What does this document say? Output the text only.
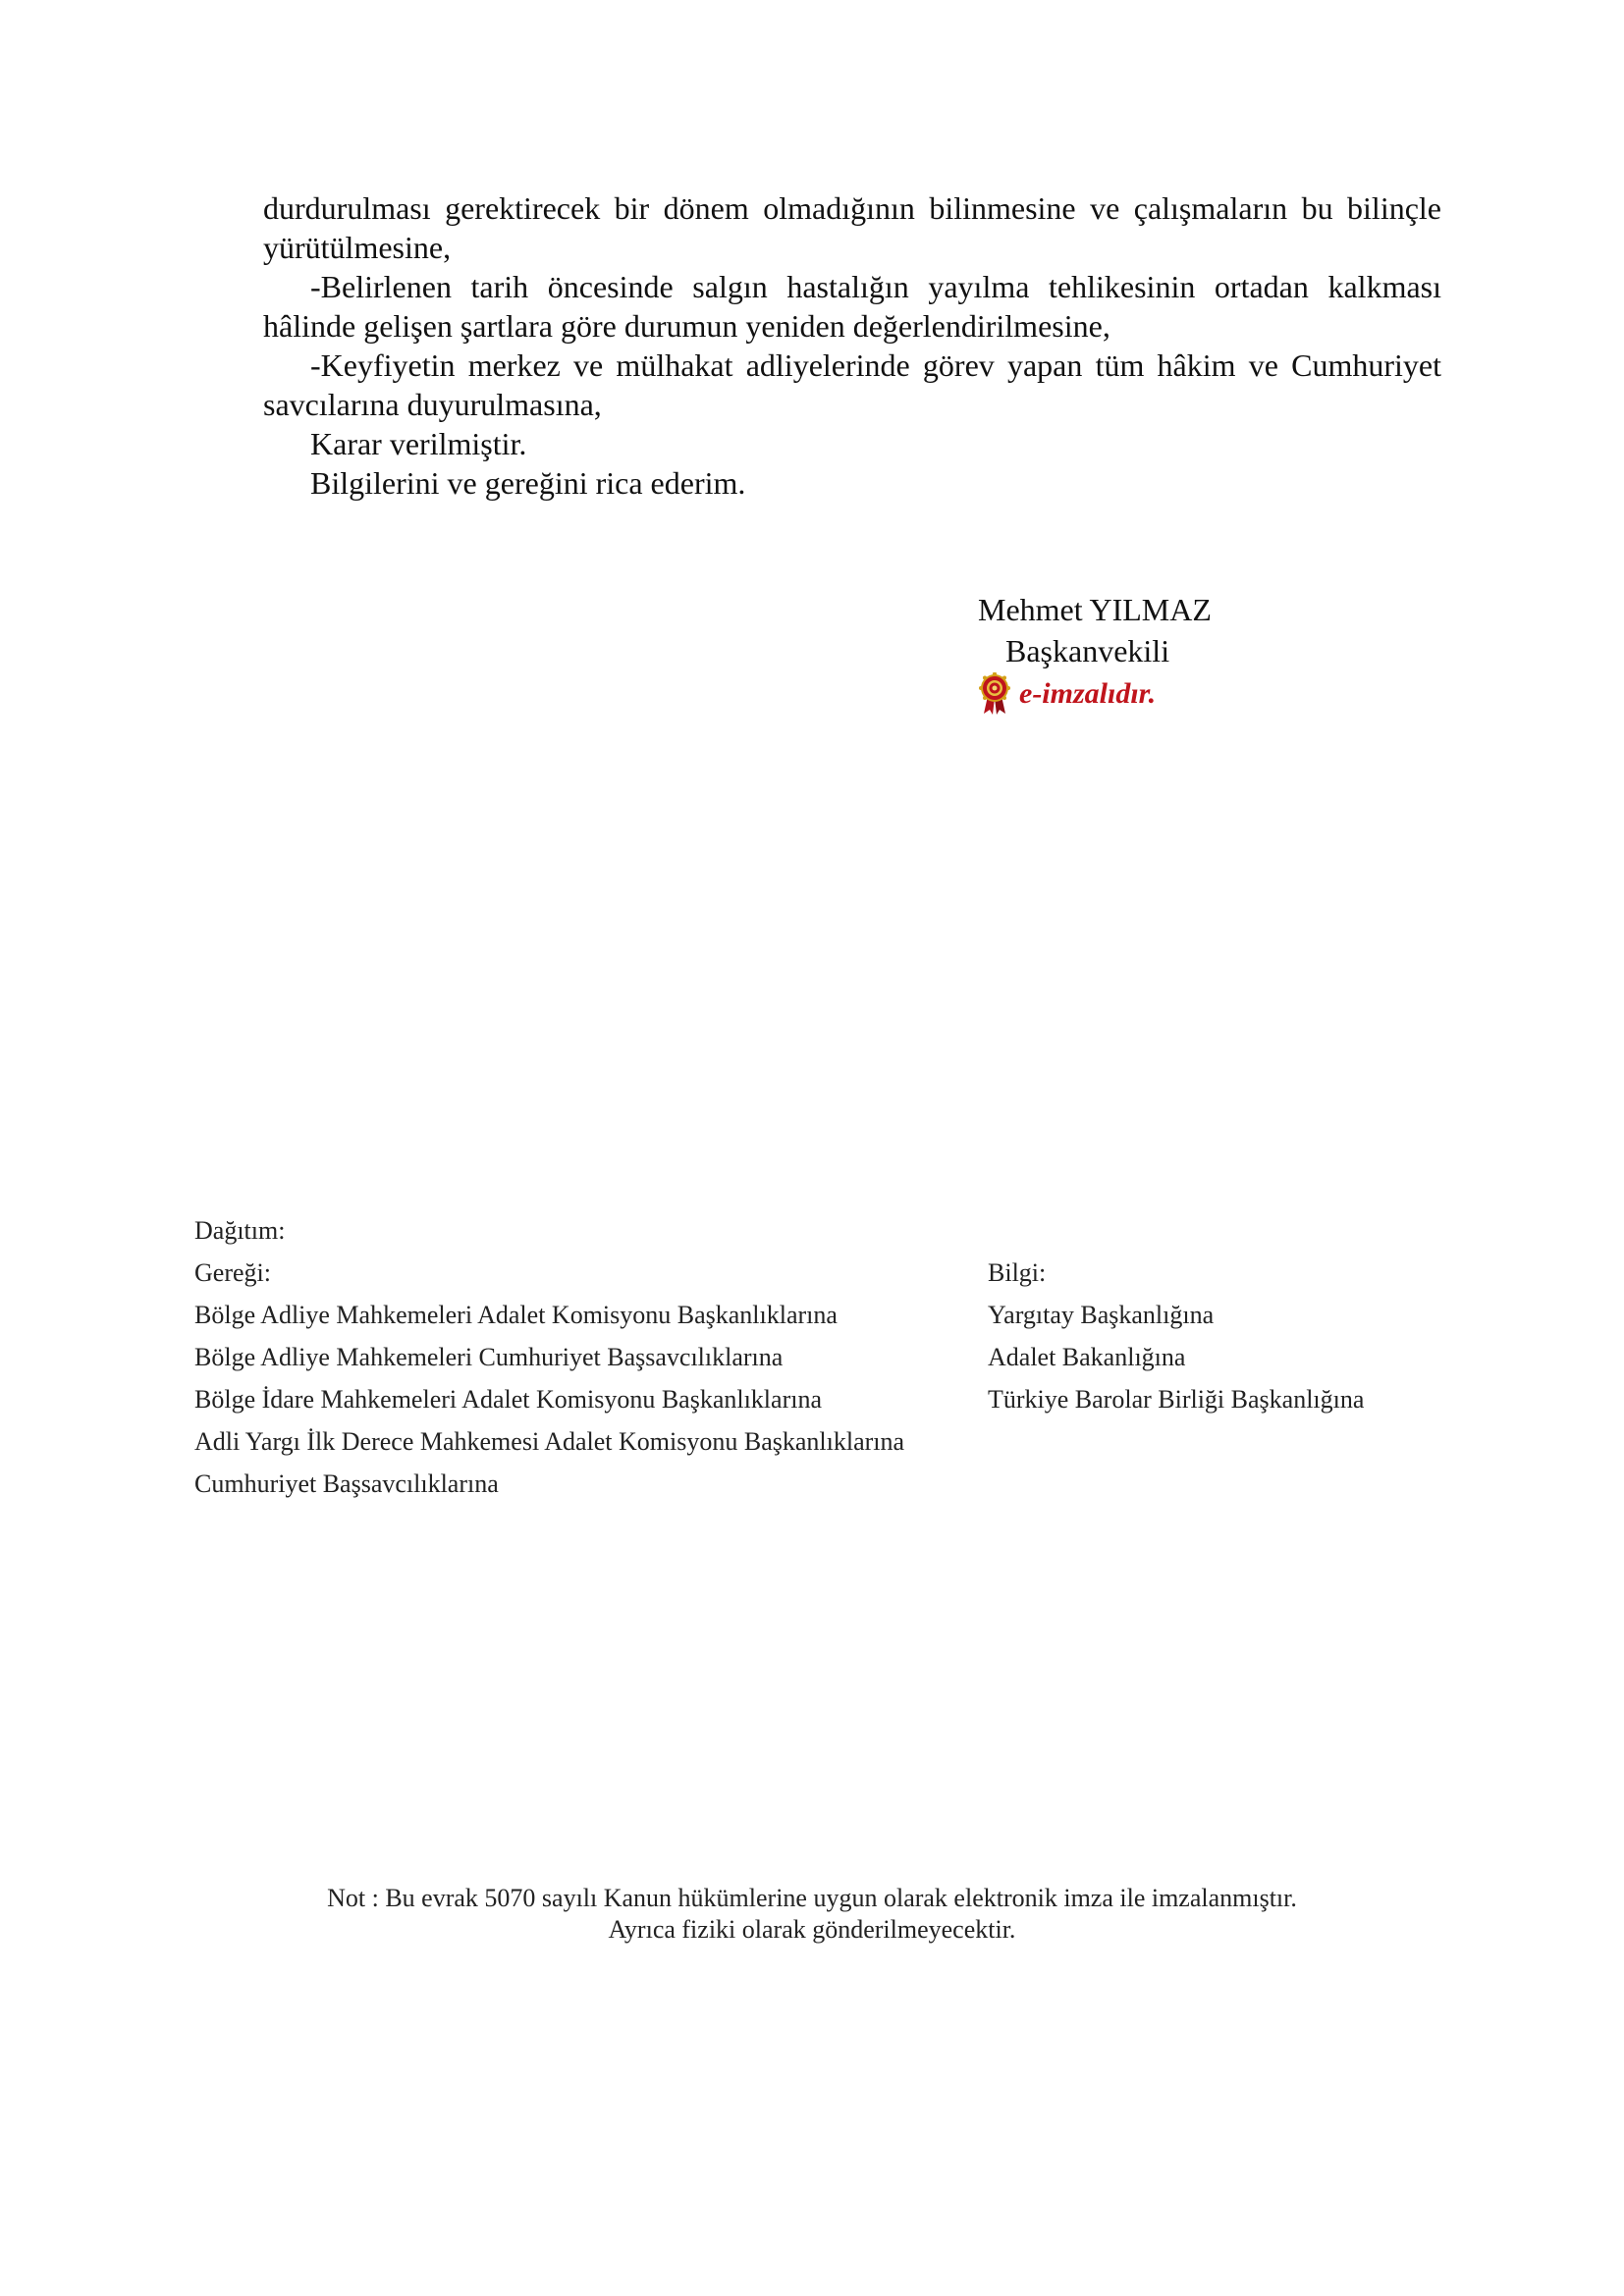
durdurulması gerektirecek bir dönem olmadığının bilinmesine ve çalışmaların bu bilinçle yürütülmesine,

-Belirlenen tarih öncesinde salgın hastalığın yayılma tehlikesinin ortadan kalkması hâlinde gelişen şartlara göre durumun yeniden değerlendirilmesine,

-Keyfiyetin merkez ve mülhakat adliyelerinde görev yapan tüm hâkim ve Cumhuriyet savcılarına duyurulmasına,

Karar verilmiştir.

Bilgilerini ve gereğini rica ederim.

Mehmet YILMAZ
Başkanvekili
e-imzalıdır.
Dağıtım:
Gereği:
Bölge Adliye Mahkemeleri Adalet Komisyonu Başkanlıklarına
Bölge Adliye Mahkemeleri Cumhuriyet Başsavcılıklarına
Bölge İdare Mahkemeleri Adalet Komisyonu Başkanlıklarına
Adli Yargı İlk Derece Mahkemesi Adalet Komisyonu Başkanlıklarına
Cumhuriyet Başsavcılıklarına
Bilgi:
Yargıtay Başkanlığına
Adalet Bakanlığına
Türkiye Barolar Birliği Başkanlığına
Not : Bu evrak 5070 sayılı Kanun hükümlerine uygun olarak elektronik imza ile imzalanmıştır.
Ayrıca fiziki olarak gönderilmeyecektir.
